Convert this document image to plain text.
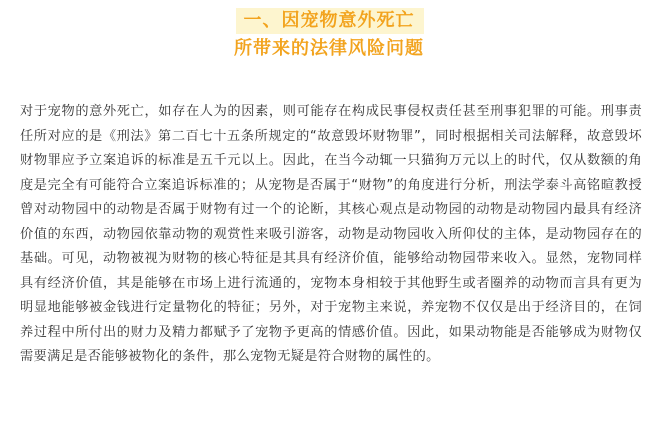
一、因宠物意外死亡
所带来的法律风险问题

对于宠物的意外死亡，如存在人为的因素，则可能存在构成民事侵权责任甚至刑事犯罪的可能。刑事责任所对应的是《刑法》第二百七十五条所规定的“故意毁坏财物罪”，同时根据相关司法解释，故意毁坏财物罪应予立案追诉的标准是五千元以上。因此，在当今动辄一只猫狗万元以上的时代，仅从数额的角度是完全有可能符合立案追诉标准的；从宠物是否属于“财物”的角度进行分析，刑法学泰斗高铭暄教授曾对动物园中的动物是否属于财物有过一个的论断，其核心观点是动物园的动物是动物园内最具有经济价值的东西，动物园依靠动物的观赏性来吸引游客，动物是动物园收入所仰仗的主体，是动物园存在的基础。可见，动物被视为财物的核心特征是其具有经济价值，能够给动物园带来收入。显然，宠物同样具有经济价值，其是能够在市场上进行流通的，宠物本身相较于其他野生或者圈养的动物而言具有更为明显地能够被金钱进行定量物化的特征；另外，对于宠物主来说，养宠物不仅仅是出于经济目的，在饲养过程中所付出的财力及精力都赋予了宠物予更高的情感价值。因此，如果动物能是否能够成为财物仅需要满足是否能够被物化的条件，那么宠物无疑是符合财物的属性的。
